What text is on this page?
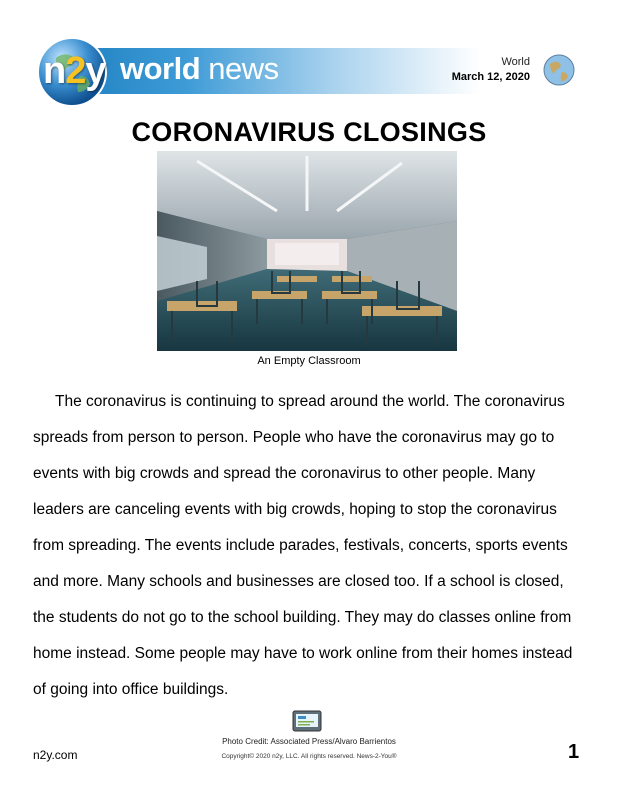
n2y world news	World
March 12, 2020
CORONAVIRUS CLOSINGS
An Empty Classroom

The coronavirus is continuing to spread around the world. The coronavirus spreads from person to person. People who have the coronavirus may go to events with big crowds and spread the coronavirus to other people. Many leaders are canceling events with big crowds, hoping to stop the coronavirus from spreading. The events include parades, festivals, concerts, sports events and more. Many schools and businesses are closed too. If a school is closed, the students do not go to the school building. They may do classes online from home instead. Some people may have to work online from their homes instead of going into office buildings.

Photo Credit: Associated Press/Alvaro Barrientos
Copyright© 2020 n2y, LLC. All rights reserved. News-2-You®
n2y.com	1
